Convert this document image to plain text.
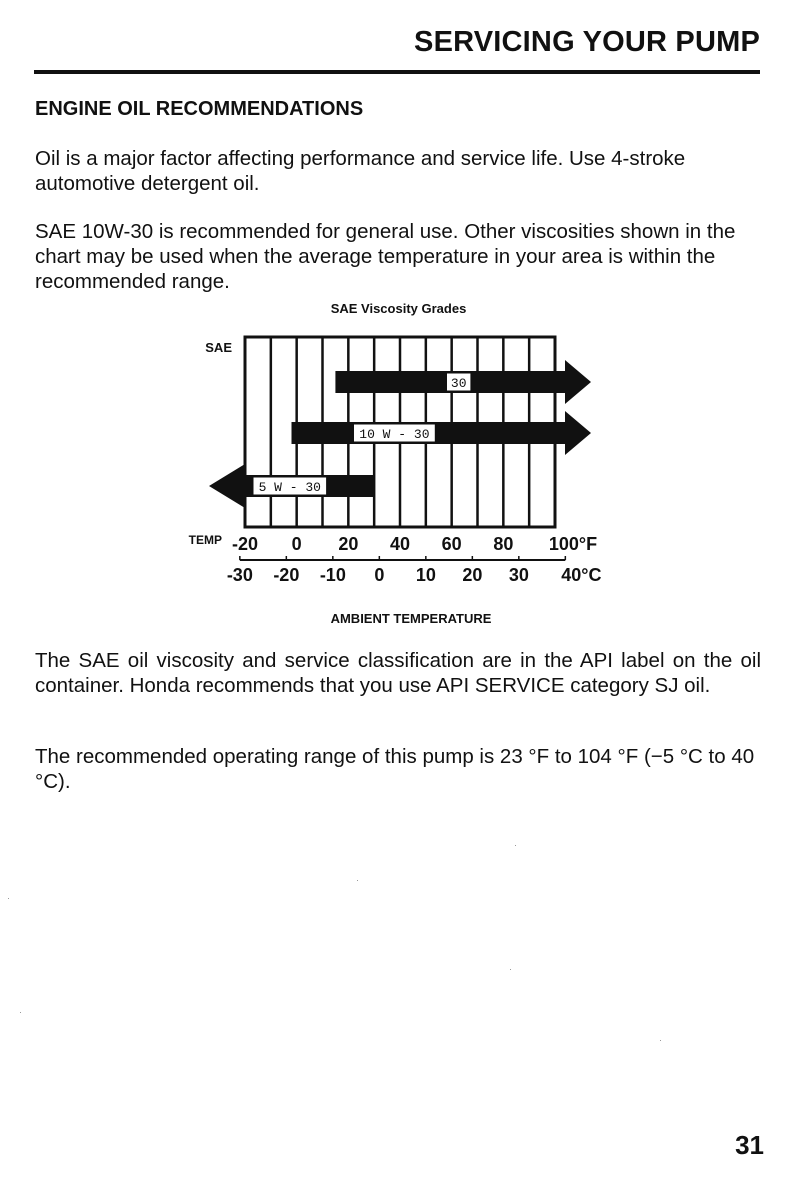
SERVICING YOUR PUMP
ENGINE OIL RECOMMENDATIONS

Oil is a major factor affecting performance and service life. Use 4-stroke automotive detergent oil.

SAE 10W-30 is recommended for general use. Other viscosities shown in the chart may be used when the average temperature in your area is within the recommended range.

SAE Viscosity Grades
SAE
TEMP
30
10 W - 30
5 W - 30
-20 0 20 40 60 80 100°F
-30 -20 -10 0 10 20 30 40°C
AMBIENT TEMPERATURE

The SAE oil viscosity and service classification are in the API label on the oil container. Honda recommends that you use API SERVICE category SJ oil.

The recommended operating range of this pump is 23 °F to 104 °F (−5 °C to 40 °C).

31
